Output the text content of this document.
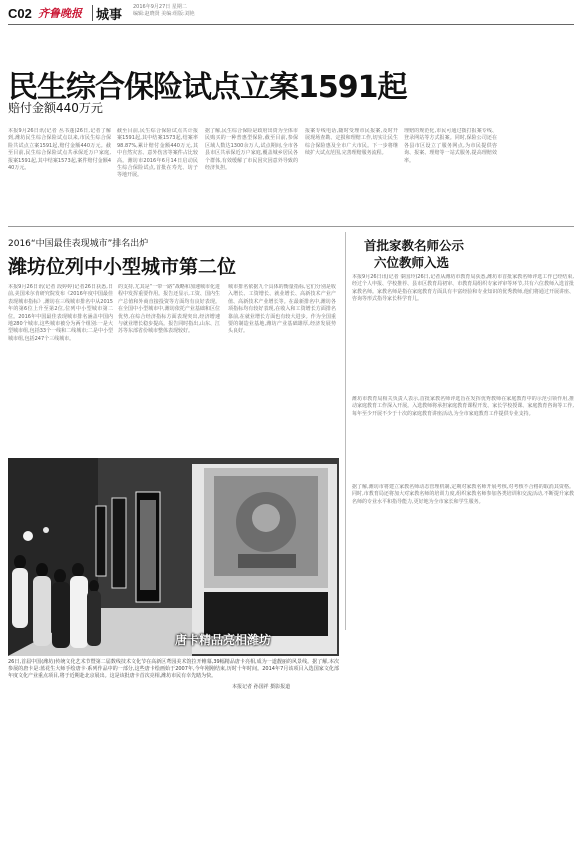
C02 齐鲁晚报 城事
2016年9月27日 星期二
编辑:赵晓贤 美编:组版:刘艳
民生综合保险试点立案1591起
赔付金额440万元
本报9月26日讯(记者 丛书蓬)26日,记者了解到,潍坊民生综合保险试点以来,市民生综合保险共试点立案1591起,赔付金额440万元。截至目前,民生综合保险试点共承保近万户家庭,报案1591起,其中结案1573起,案件赔付金额440万元。
截至目前,民生综合保险试点共计报案1591起,其中结案1573起,结案率98.87%,累计赔付金额440万元,其中自然灾害、意外伤害等案件占比较高。潍坊市2016年6月14日启动民生综合保险试点,首批在寿光、坊子等地开展。
据了解,民生综合保险是政府出资为全体市民购买的一种普惠型保险,截至目前,参保区域人数达1300余万人,试点期间,全市各县市区共承保近万户家庭,覆盖城乡居民各个群体,有效缓解了市民因灾因意外导致的经济负担。
报案专线电话,随时受理市民报案,及时开展现场查勘、定损和理赔工作,切实让民生综合保险惠及全市广大市民。下一步将继续扩大试点范围,完善理赔服务流程。
理赔的规范化,市民可通过拨打报案专线、登录网站等方式报案。同时,保险公司还在各县市区设立了服务网点,为市民提供咨询、报案、理赔等一站式服务,提高理赔效率。
2016“中国最佳表现城市”排名出炉
潍坊位列中小型城市第二位
本报9月26日讯(记者 段婷婷)记者26日获悉,日前,美国米尔肯研究院发布《2016年度中国最佳表现城市指标》,潍坊在三线城市排名中从2015年的第6位上升至第2位,位列中小型城市第二位。2016年中国最佳表现城市排名涵盖中国内地280个城市,这些城市被分为两个组别:一是大型城市组,包括33个一线和二线城市;二是中小型城市组,包括247个三线城市。
的支持,尤其是“一带一路”战略和加速城市化进程中发挥重要作用。报告还显示,工资、国内生产总值和外商直接投资等方面均有良好表现。在全国中小型城市中,潍坊依托产业基础和区位优势,在综合经济指标方面表现突出,经济增速与就业增长稳步提高。报告同时指出,山东、江苏等东部省份城市整体表现较好。
城市排名依据九个具体的衡量指标,它们分别是收入增长、工资增长、就业增长、高新技术产业产值、高新技术产业增长等。在最新排名中,潍坊各项指标均有较好表现,在收入和工资增长方面排名靠前,在就业增长方面也有较大进步。作为全国重要的制造业基地,潍坊产业基础雄厚,经济发展势头良好。
首批家教名师公示
六位教师入选
本报9月26日讯(记者 秦国玲)26日,记者从潍坊市教育局获悉,潍坊市首批家教名师评选工作已经结束,经过个人申报、学校推荐、县市区教育局初审、市教育局组织专家评审等环节,共有六位教师入选首批家教名师。家教名师是指在家庭教育方面具有丰富经验和专业知识的优秀教师,他们将通过开展讲座、咨询等形式指导家长科学育儿。
潍坊市教育局相关负责人表示,首批家教名师评选旨在发挥优秀教师在家庭教育中的示范引领作用,推动家庭教育工作深入开展。入选教师将承担家庭教育课程开发、家长学校授课、家庭教育咨询等工作,每年至少开展不少于十次的家庭教育讲座活动,为全市家庭教育工作提供专业支持。
据了解,潍坊市将建立家教名师动态管理机制,定期对家教名师开展考核,对考核不合格的取消其资格。同时,市教育局还将加大对家教名师的培训力度,组织家教名师参加各类培训和交流活动,不断提升家教名师的专业水平和指导能力,更好地为全市家长和学生服务。
唐卡精品亮相潍坊
26日,首届中国(潍坊)传统文化艺术节暨第二届数线技术文化节在高新区鸢园美术馆拉开帷幕,39幅精品唐卡亮相,成为一道靓丽的风景线。据了解,本次参展的唐卡是:蓝花生大师手绘唐卡·系列作品中的一部分,这些唐卡绘画始于2007年,今年刚刚结束,历时十年时间。2014年7月该项目入选国家文化部年度文化产业重点项目,将于近期赴北京展出。这是该批唐卡首次亮相,潍坊市民有幸先睹为快。
本报记者 孙国祥 摄影报道
